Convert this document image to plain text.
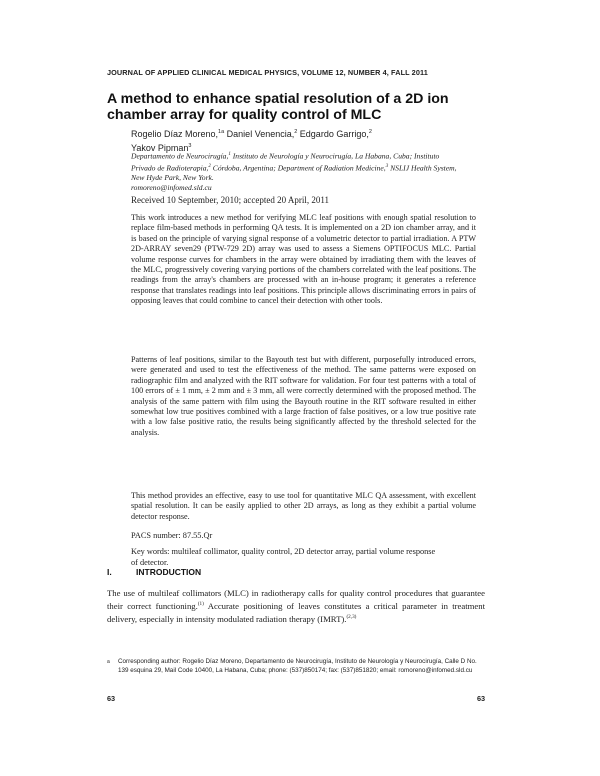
JOURNAL OF APPLIED CLINICAL MEDICAL PHYSICS, VOLUME 12, NUMBER 4, FALL 2011
A method to enhance spatial resolution of a 2D ion chamber array for quality control of MLC
Rogelio Díaz Moreno,$^{1a}$ Daniel Venencia,$^2$ Edgardo Garrigo,$^2$
Yakov Pipman$^3$
Departamento de Neurocirugía,$^1$ Instituto de Neurología y Neurocirugía, La Habana, Cuba; Instituto Privado de Radioterapia,$^2$ Córdoba, Argentina; Department of Radiation Medicine,$^3$ NSLIJ Health System, New Hyde Park, New York.
romoreno@infomed.sld.cu
Received 10 September, 2010; accepted 20 April, 2011
This work introduces a new method for verifying MLC leaf positions with enough spatial resolution to replace film-based methods in performing QA tests. It is implemented on a 2D ion chamber array, and it is based on the principle of varying signal response of a volumetric detector to partial irradiation. A PTW 2D-ARRAY seven29 (PTW-729 2D) array was used to assess a Siemens OPTIFOCUS MLC. Partial volume response curves for chambers in the array were obtained by irradiating them with the leaves of the MLC, progressively covering varying portions of the chambers correlated with the leaf positions. The readings from the array's chambers are processed with an in-house program; it generates a reference response that translates readings into leaf positions. This principle allows discriminating errors in pairs of opposing leaves that could combine to cancel their detection with other tools.
Patterns of leaf positions, similar to the Bayouth test but with different, purposefully introduced errors, were generated and used to test the effectiveness of the method. The same patterns were exposed on radiographic film and analyzed with the RIT software for validation. For four test patterns with a total of 100 errors of ± 1 mm, ± 2 mm and ± 3 mm, all were correctly determined with the proposed method. The analysis of the same pattern with film using the Bayouth routine in the RIT software resulted in either somewhat low true positives combined with a large fraction of false positives, or a low true positive rate with a low false positive ratio, the results being significantly affected by the threshold selected for the analysis.
This method provides an effective, easy to use tool for quantitative MLC QA assessment, with excellent spatial resolution. It can be easily applied to other 2D arrays, as long as they exhibit a partial volume detector response.
PACS number: 87.55.Qr
Key words: multileaf collimator, quality control, 2D detector array, partial volume response of detector.
I.	INTRODUCTION
The use of multileaf collimators (MLC) in radiotherapy calls for quality control procedures that guarantee their correct functioning.$^{(1)}$ Accurate positioning of leaves constitutes a critical parameter in treatment delivery, especially in intensity modulated radiation therapy (IMRT).$^{(2,3)}$
a Corresponding author: Rogelio Díaz Moreno, Departamento de Neurocirugía, Instituto de Neurología y Neurocirugía, Calle D No. 139 esquina 29, Mail Code 10400, La Habana, Cuba; phone: (537)850174; fax: (537)851820; email: romoreno@infomed.sld.cu
63	63
